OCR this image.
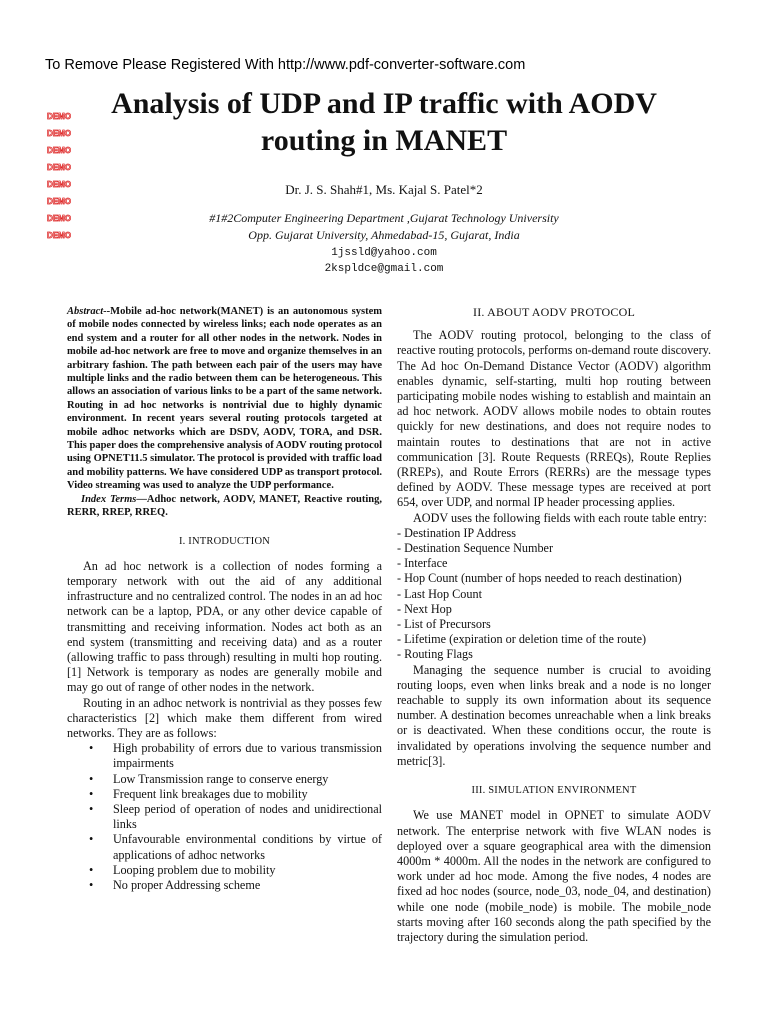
To Remove Please Registered With http://www.pdf-converter-software.com
DEMO
DEMO
DEMO
DEMO
DEMO
DEMO
DEMO
DEMO
Analysis of UDP and IP traffic with AODV
routing in MANET
Dr. J. S. Shah#1, Ms. Kajal S. Patel*2
#1#2Computer Engineering Department ,Gujarat Technology University
Opp. Gujarat University, Ahmedabad-15, Gujarat, India
1jssld@yahoo.com
2kspldce@gmail.com
Abstract--Mobile ad-hoc network(MANET) is an autonomous system of mobile nodes connected by wireless links; each node operates as an end system and a router for all other nodes in the network. Nodes in mobile ad-hoc network are free to move and organize themselves in an arbitrary fashion. The path between each pair of the users may have multiple links and the radio between them can be heterogeneous. This allows an association of various links to be a part of the same network. Routing in ad hoc networks is nontrivial due to highly dynamic environment. In recent years several routing protocols targeted at mobile adhoc networks which are DSDV, AODV, TORA, and DSR. This paper does the comprehensive analysis of AODV routing protocol using OPNET11.5 simulator. The protocol is provided with traffic load and mobility patterns. We have considered UDP as transport protocol. Video streaming was used to analyze the UDP performance.
Index Terms—Adhoc network, AODV, MANET, Reactive routing, RERR, RREP, RREQ.
I. INTRODUCTION

An ad hoc network is a collection of nodes forming a temporary network with out the aid of any additional infrastructure and no centralized control. The nodes in an ad hoc network can be a laptop, PDA, or any other device capable of transmitting and receiving information. Nodes act both as an end system (transmitting and receiving data) and as a router (allowing traffic to pass through) resulting in multi hop routing. [1] Network is temporary as nodes are generally mobile and may go out of range of other nodes in the network.

Routing in an adhoc network is nontrivial as they posses few characteristics [2] which make them different from wired networks. They are as follows:

• High probability of errors due to various transmission impairments
• Low Transmission range to conserve energy
• Frequent link breakages due to mobility
• Sleep period of operation of nodes and unidirectional links
• Unfavourable environmental conditions by virtue of applications of adhoc networks
• Looping problem due to mobility
• No proper Addressing scheme
II. ABOUT AODV PROTOCOL

The AODV routing protocol, belonging to the class of reactive routing protocols, performs on-demand route discovery. The Ad hoc On-Demand Distance Vector (AODV) algorithm enables dynamic, self-starting, multi hop routing between participating mobile nodes wishing to establish and maintain an ad hoc network. AODV allows mobile nodes to obtain routes quickly for new destinations, and does not require nodes to maintain routes to destinations that are not in active communication [3]. Route Requests (RREQs), Route Replies (RREPs), and Route Errors (RERRs) are the message types defined by AODV. These message types are received at port 654, over UDP, and normal IP header processing applies.

AODV uses the following fields with each route table entry:

- Destination IP Address
- Destination Sequence Number
- Interface
- Hop Count (number of hops needed to reach destination)
- Last Hop Count
- Next Hop
- List of Precursors
- Lifetime (expiration or deletion time of the route)
- Routing Flags

Managing the sequence number is crucial to avoiding routing loops, even when links break and a node is no longer reachable to supply its own information about its sequence number. A destination becomes unreachable when a link breaks or is deactivated. When these conditions occur, the route is invalidated by operations involving the sequence number and metric[3].

III. SIMULATION ENVIRONMENT

We use MANET model in OPNET to simulate AODV network. The enterprise network with five WLAN nodes is deployed over a square geographical area with the dimension 4000m * 4000m. All the nodes in the network are configured to work under ad hoc mode. Among the five nodes, 4 nodes are fixed ad hoc nodes (source, node_03, node_04, and destination) while one node (mobile_node) is mobile. The mobile_node starts moving after 160 seconds along the path specified by the trajectory during the simulation period.
